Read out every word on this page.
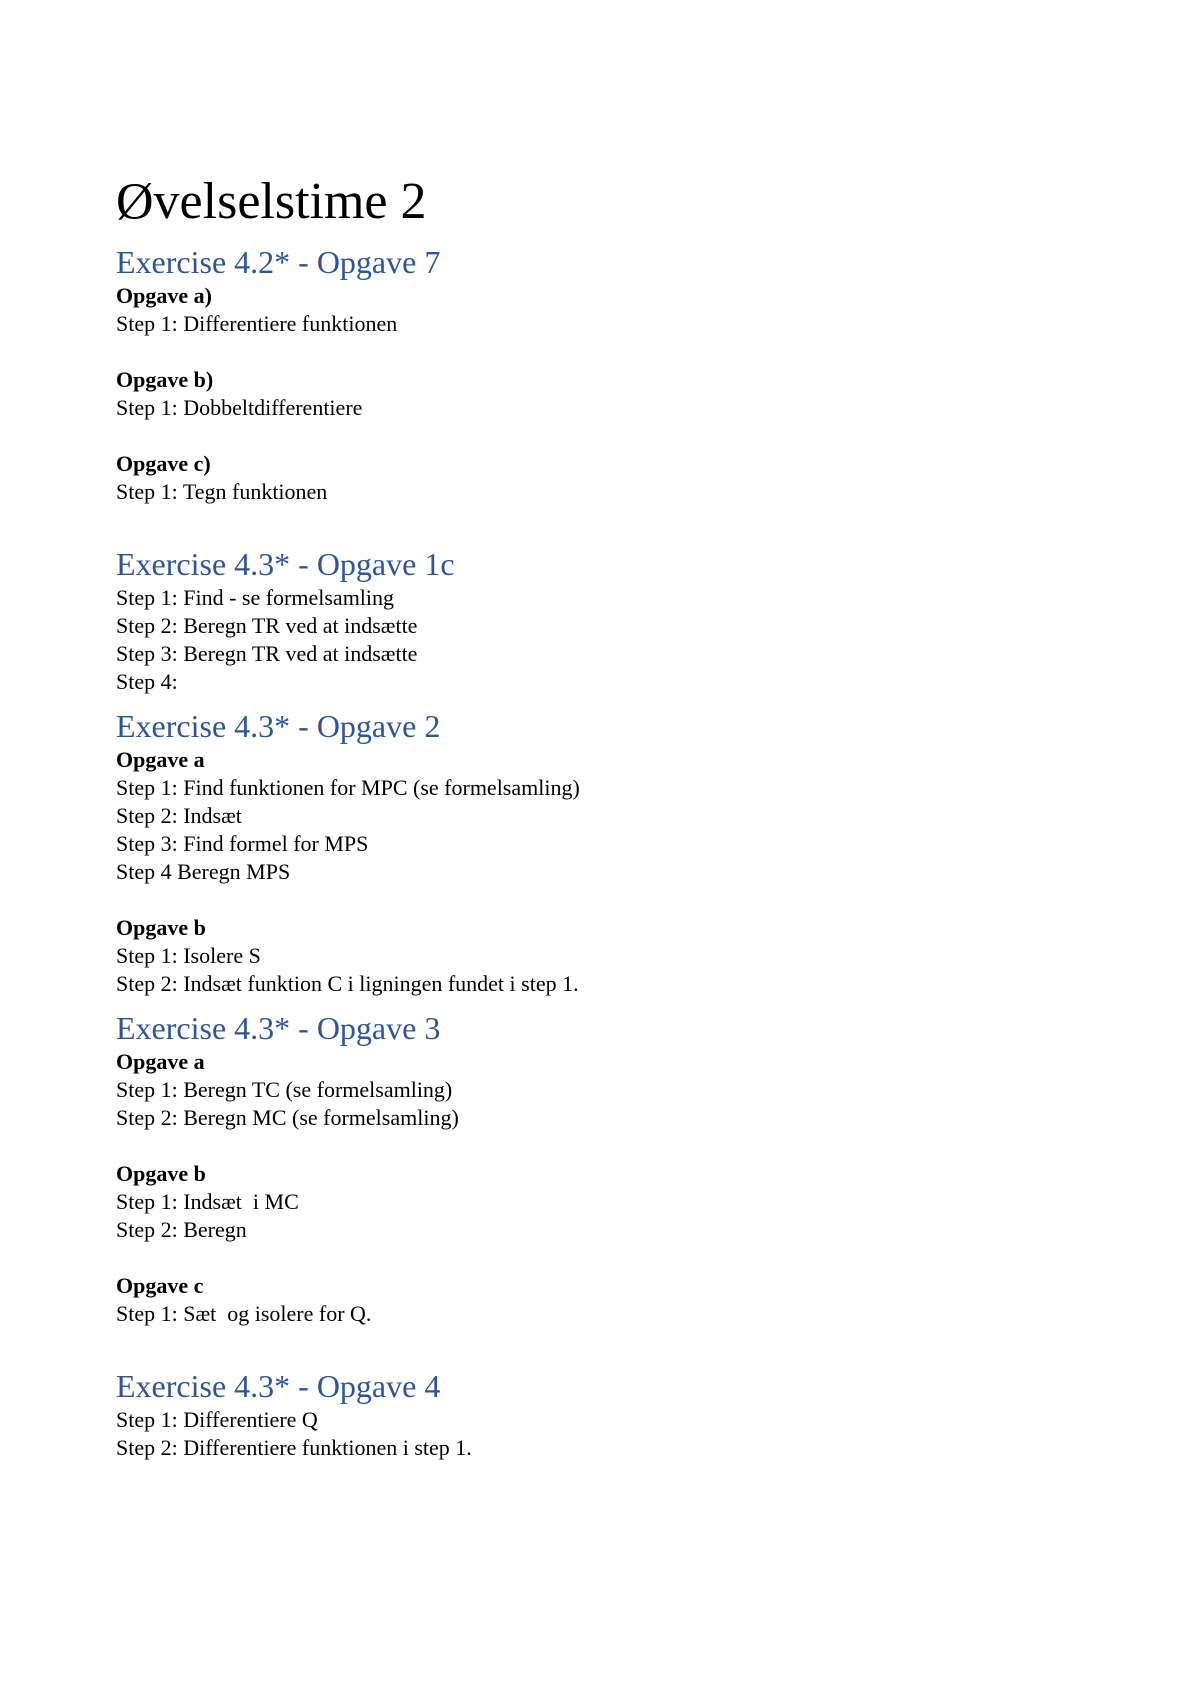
Øvelselstime 2
Exercise 4.2* - Opgave 7

Opgave a)

Step 1: Differentiere funktionen

Opgave b)

Step 1: Dobbeltdifferentiere

Opgave c)

Step 1: Tegn funktionen

Exercise 4.3* - Opgave 1c

Step 1: Find - se formelsamling

Step 2: Beregn TR ved at indsætte

Step 3: Beregn TR ved at indsætte

Step 4:

Exercise 4.3* - Opgave 2

Opgave a

Step 1: Find funktionen for MPC (se formelsamling)

Step 2: Indsæt

Step 3: Find formel for MPS

Step 4 Beregn MPS

Opgave b

Step 1: Isolere S

Step 2: Indsæt funktion C i ligningen fundet i step 1.

Exercise 4.3* - Opgave 3

Opgave a

Step 1: Beregn TC (se formelsamling)

Step 2: Beregn MC (se formelsamling)

Opgave b

Step 1: Indsæt  i MC

Step 2: Beregn

Opgave c

Step 1: Sæt  og isolere for Q.

Exercise 4.3* - Opgave 4

Step 1: Differentiere Q

Step 2: Differentiere funktionen i step 1.
